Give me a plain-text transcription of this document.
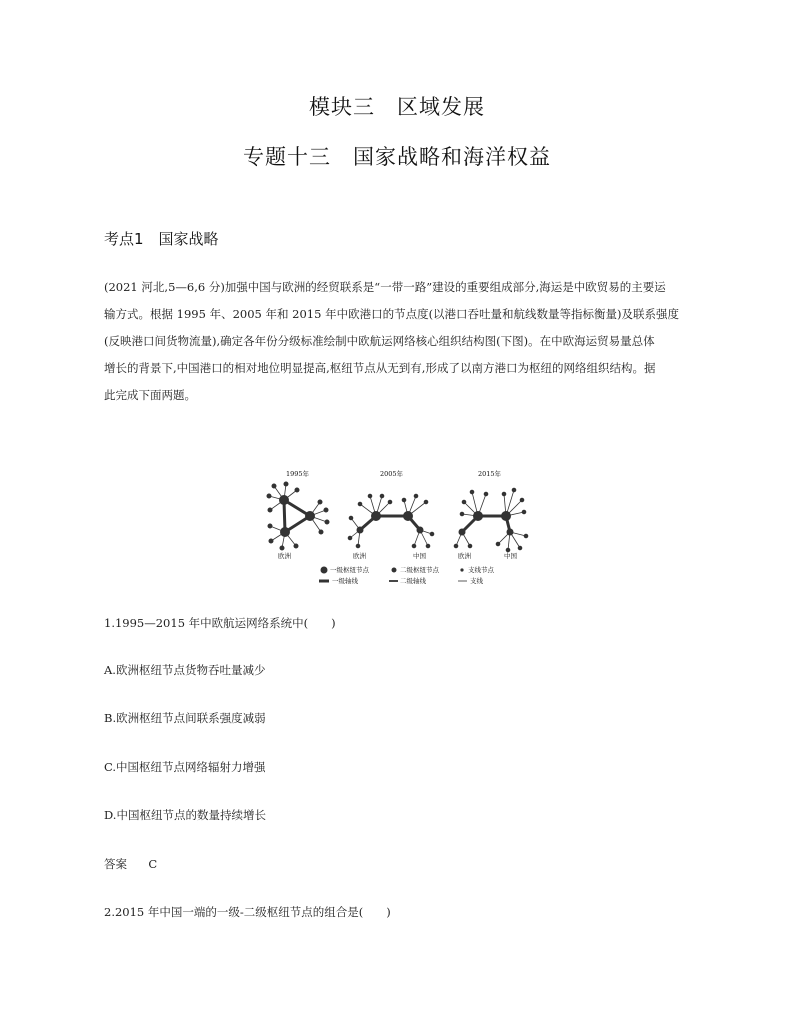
模块三　区域发展
专题十三　国家战略和海洋权益
考点1　国家战略
(2021 河北,5—6,6 分)加强中国与欧洲的经贸联系是“一带一路”建设的重要组成部分,海运是中欧贸易的主要运
输方式。根据 1995 年、2005 年和 2015 年中欧港口的节点度(以港口吞吐量和航线数量等指标衡量)及联系强度
(反映港口间货物流量),确定各年份分级标准绘制中欧航运网络核心组织结构图(下图)。在中欧海运贸易量总体
增长的背景下,中国港口的相对地位明显提高,枢纽节点从无到有,形成了以南方港口为枢纽的网络组织结构。据
此完成下面两题。
1995年	2005年	2015年
欧洲	欧洲	中国	欧洲	中国
一级枢纽节点	二级枢纽节点	支线节点
一级轴线	二级轴线	支线
1.1995—2015 年中欧航运网络系统中(　　)
A.欧洲枢纽节点货物吞吐量减少
B.欧洲枢纽节点间联系强度减弱
C.中国枢纽节点网络辐射力增强
D.中国枢纽节点的数量持续增长
答案 C
2.2015 年中国一端的一级-二级枢纽节点的组合是(　　)
